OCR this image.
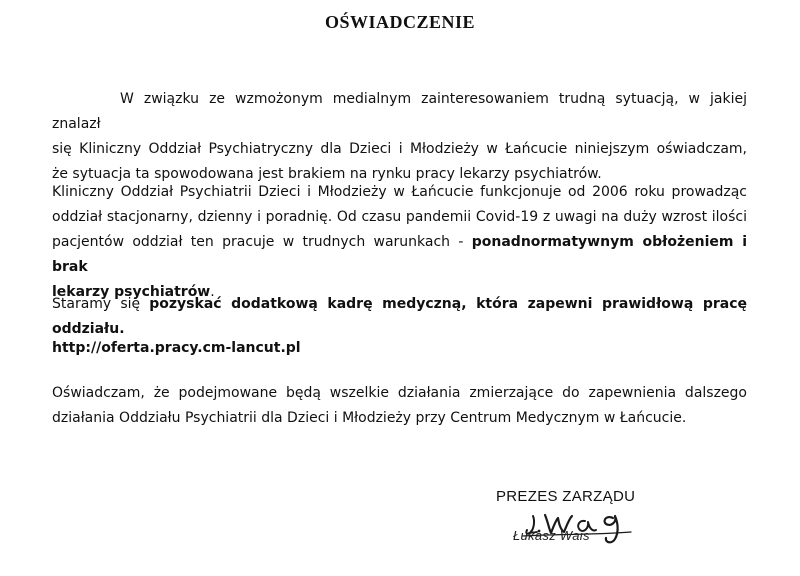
OŚWIADCZENIE

W związku ze wzmożonym medialnym zainteresowaniem trudną sytuacją, w jakiej znalazł
się Kliniczny Oddział Psychiatryczny dla Dzieci i Młodzieży w Łańcucie niniejszym oświadczam,
że sytuacja ta spowodowana jest brakiem na rynku pracy lekarzy psychiatrów.

Kliniczny Oddział Psychiatrii Dzieci i Młodzieży w Łańcucie funkcjonuje od 2006 roku prowadząc
oddział stacjonarny, dzienny i poradnię. Od czasu pandemii Covid-19 z uwagi na duży wzrost ilości
pacjentów oddział ten pracuje w trudnych warunkach - ponadnormatywnym obłożeniem i brak
lekarzy psychiatrów.

Staramy się pozyskać dodatkową kadrę medyczną, która zapewni prawidłową pracę oddziału.

http://oferta.pracy.cm-lancut.pl

Oświadczam, że podejmowane będą wszelkie działania zmierzające do zapewnienia dalszego
działania Oddziału Psychiatrii dla Dzieci i Młodzieży przy Centrum Medycznym w Łańcucie.

PREZES ZARZĄDU
Łukasz Wais
